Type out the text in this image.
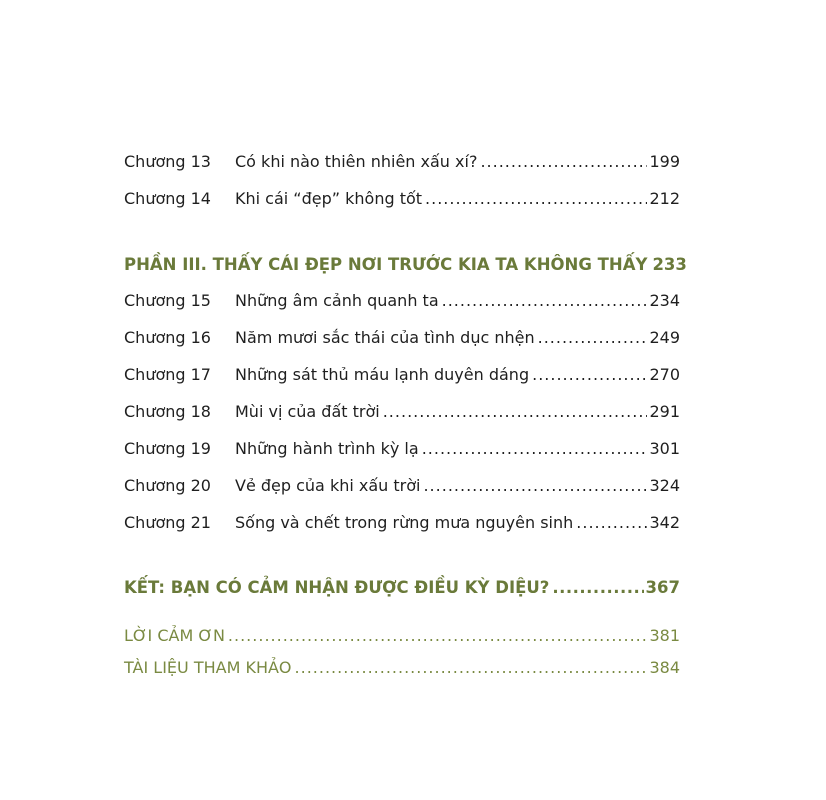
Chương 13	Có khi nào thiên nhiên xấu xí? .....	199
Chương 14	Khi cái “đẹp” không tốt .....	212
PHẦN III. THẤY CÁI ĐẸP NƠI TRƯỚC KIA TA KHÔNG THẤY 233
Chương 15	Những âm cảnh quanh ta .....	234
Chương 16	Năm mươi sắc thái của tình dục nhện .....	249
Chương 17	Những sát thủ máu lạnh duyên dáng .....	270
Chương 18	Mùi vị của đất trời .....	291
Chương 19	Những hành trình kỳ lạ .....	301
Chương 20	Vẻ đẹp của khi xấu trời .....	324
Chương 21	Sống và chết trong rừng mưa nguyên sinh .....	342
KẾT: BẠN CÓ CẢM NHẬN ĐƯỢC ĐIỀU KỲ DIỆU? .....	367
LỜI CẢM ƠN .....	381
TÀI LIỆU THAM KHẢO .....	384
